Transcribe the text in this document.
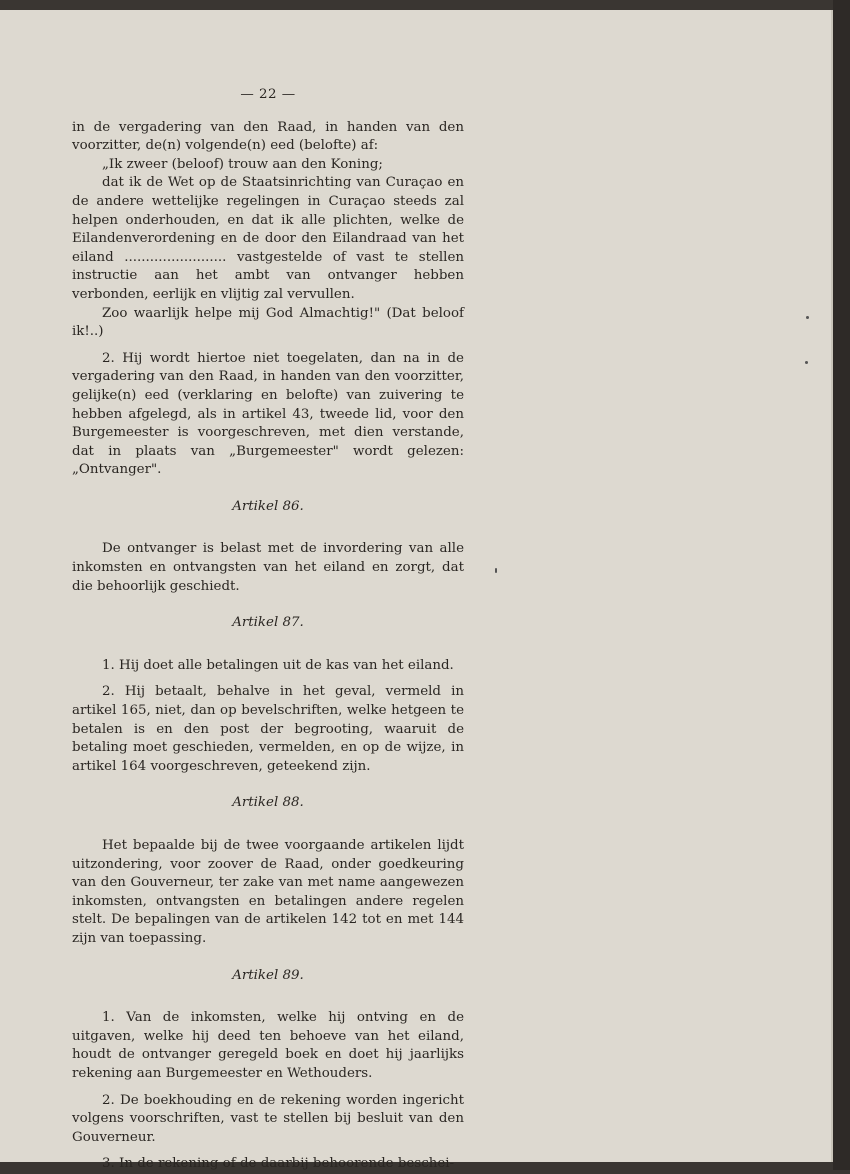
— 22 —

in de vergadering van den Raad, in handen van den voorzitter, de(n) volgende(n) eed (belofte) af:

„Ik zweer (beloof) trouw aan den Koning;

dat ik de Wet op de Staatsinrichting van Curaçao en de andere wettelijke regelingen in Curaçao steeds zal helpen onderhouden, en dat ik alle plichten, welke de Eilandenverordening en de door den Eilandraad van het eiland ........................ vastgestelde of vast te stellen instructie aan het ambt van ontvanger hebben verbonden, eerlijk en vlijtig zal vervullen.

Zoo waarlijk helpe mij God Almachtig!" (Dat beloof ik!..)

2. Hij wordt hiertoe niet toegelaten, dan na in de vergadering van den Raad, in handen van den voorzitter, gelijke(n) eed (verklaring en belofte) van zuivering te hebben afgelegd, als in artikel 43, tweede lid, voor den Burgemeester is voorgeschreven, met dien verstande, dat in plaats van „Burgemeester" wordt gelezen: „Ontvanger".

Artikel 86.

De ontvanger is belast met de invordering van alle inkomsten en ontvangsten van het eiland en zorgt, dat die behoorlijk geschiedt.

Artikel 87.

1. Hij doet alle betalingen uit de kas van het eiland.

2. Hij betaalt, behalve in het geval, vermeld in artikel 165, niet, dan op bevelschriften, welke hetgeen te betalen is en den post der begrooting, waaruit de betaling moet geschieden, vermelden, en op de wijze, in artikel 164 voorgeschreven, geteekend zijn.

Artikel 88.

Het bepaalde bij de twee voorgaande artikelen lijdt uitzondering, voor zoover de Raad, onder goedkeuring van den Gouverneur, ter zake van met name aangewezen inkomsten, ontvangsten en betalingen andere regelen stelt. De bepalingen van de artikelen 142 tot en met 144 zijn van toepassing.

Artikel 89.

1. Van de inkomsten, welke hij ontving en de uitgaven, welke hij deed ten behoeve van het eiland, houdt de ontvanger geregeld boek en doet hij jaarlijks rekening aan Burgemeester en Wethouders.

2. De boekhouding en de rekening worden ingericht volgens voorschriften, vast te stellen bij besluit van den Gouverneur.

3. In de rekening of de daarbij behoorende beschei-
